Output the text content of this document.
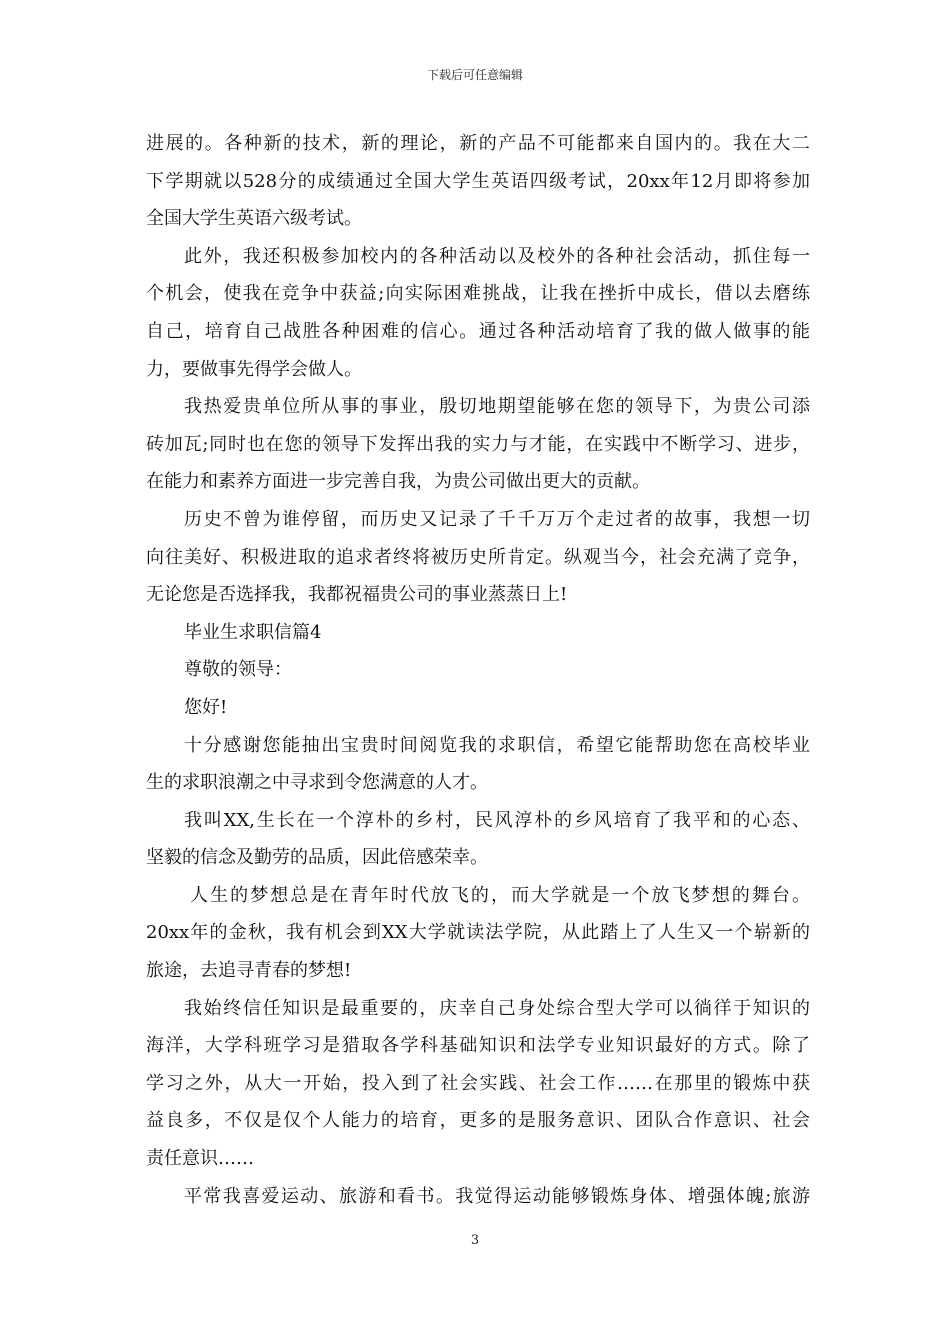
下载后可任意编辑
进展的。各种新的技术，新的理论，新的产品不可能都来自国内的。我在大二
下学期就以528分的成绩通过全国大学生英语四级考试，20xx年12月即将参加
全国大学生英语六级考试。
此外，我还积极参加校内的各种活动以及校外的各种社会活动，抓住每一
个机会，使我在竞争中获益;向实际困难挑战，让我在挫折中成长，借以去磨练
自己，培育自己战胜各种困难的信心。通过各种活动培育了我的做人做事的能
力，要做事先得学会做人。
我热爱贵单位所从事的事业，殷切地期望能够在您的领导下，为贵公司添
砖加瓦;同时也在您的领导下发挥出我的实力与才能，在实践中不断学习、进步，
在能力和素养方面进一步完善自我，为贵公司做出更大的贡献。
历史不曾为谁停留，而历史又记录了千千万万个走过者的故事，我想一切
向往美好、积极进取的追求者终将被历史所肯定。纵观当今，社会充满了竞争，
无论您是否选择我，我都祝福贵公司的事业蒸蒸日上!
毕业生求职信篇4
尊敬的领导：
您好!
十分感谢您能抽出宝贵时间阅览我的求职信，希望它能帮助您在高校毕业
生的求职浪潮之中寻求到令您满意的人才。
我叫XX,生长在一个淳朴的乡村，民风淳朴的乡风培育了我平和的心态、
坚毅的信念及勤劳的品质，因此倍感荣幸。
人生的梦想总是在青年时代放飞的，而大学就是一个放飞梦想的舞台。
20xx年的金秋，我有机会到XX大学就读法学院，从此踏上了人生又一个崭新的
旅途，去追寻青春的梦想!
我始终信任知识是最重要的，庆幸自己身处综合型大学可以徜徉于知识的
海洋，大学科班学习是猎取各学科基础知识和法学专业知识最好的方式。除了
学习之外，从大一开始，投入到了社会实践、社会工作……在那里的锻炼中获
益良多，不仅是仅个人能力的培育，更多的是服务意识、团队合作意识、社会
责任意识……
平常我喜爱运动、旅游和看书。我觉得运动能够锻炼身体、增强体魄;旅游
3
